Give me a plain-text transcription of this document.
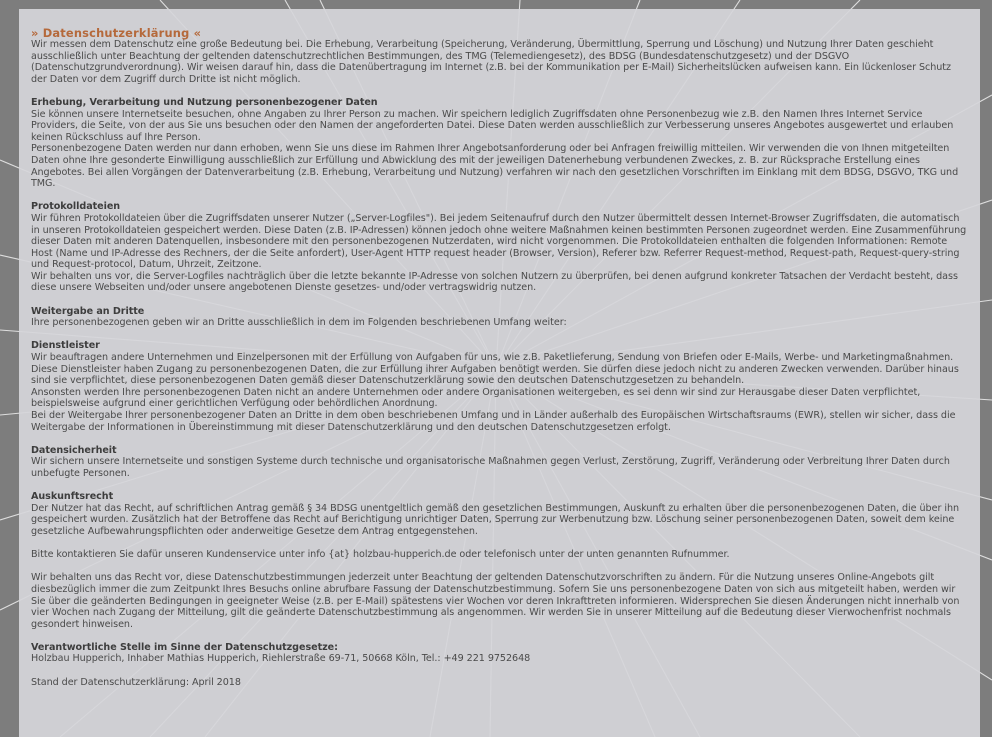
» Datenschutzerklärung «
Wir messen dem Datenschutz eine große Bedeutung bei. Die Erhebung, Verarbeitung (Speicherung, Veränderung, Übermittlung, Sperrung und Löschung) und Nutzung Ihrer Daten geschieht ausschließlich unter Beachtung der geltenden datenschutzrechtlichen Bestimmungen, des TMG (Telemediengesetz), des BDSG (Bundesdatenschutzgesetz) und der DSGVO (Datenschutzgrundverordnung). Wir weisen darauf hin, dass die Datenübertragung im Internet (z.B. bei der Kommunikation per E-Mail) Sicherheitslücken aufweisen kann. Ein lückenloser Schutz der Daten vor dem Zugriff durch Dritte ist nicht möglich.
Erhebung, Verarbeitung und Nutzung personenbezogener Daten
Sie können unsere Internetseite besuchen, ohne Angaben zu Ihrer Person zu machen. Wir speichern lediglich Zugriffsdaten ohne Personenbezug wie z.B. den Namen Ihres Internet Service Providers, die Seite, von der aus Sie uns besuchen oder den Namen der angeforderten Datei. Diese Daten werden ausschließlich zur Verbesserung unseres Angebotes ausgewertet und erlauben keinen Rückschluss auf Ihre Person.
Personenbezogene Daten werden nur dann erhoben, wenn Sie uns diese im Rahmen Ihrer Angebotsanforderung oder bei Anfragen freiwillig mitteilen. Wir verwenden die von Ihnen mitgeteilten Daten ohne Ihre gesonderte Einwilligung ausschließlich zur Erfüllung und Abwicklung des mit der jeweiligen Datenerhebung verbundenen Zweckes, z. B. zur Rücksprache Erstellung eines Angebotes. Bei allen Vorgängen der Datenverarbeitung (z.B. Erhebung, Verarbeitung und Nutzung) verfahren wir nach den gesetzlichen Vorschriften im Einklang mit dem BDSG, DSGVO, TKG und TMG.
Protokolldateien
Wir führen Protokolldateien über die Zugriffsdaten unserer Nutzer („Server-Logfiles"). Bei jedem Seitenaufruf durch den Nutzer übermittelt dessen Internet-Browser Zugriffsdaten, die automatisch in unseren Protokolldateien gespeichert werden. Diese Daten (z.B. IP-Adressen) können jedoch ohne weitere Maßnahmen keinen bestimmten Personen zugeordnet werden. Eine Zusammenführung dieser Daten mit anderen Datenquellen, insbesondere mit den personenbezogenen Nutzerdaten, wird nicht vorgenommen. Die Protokolldateien enthalten die folgenden Informationen: Remote Host (Name und IP-Adresse des Rechners, der die Seite anfordert), User-Agent HTTP request header (Browser, Version), Referer bzw. Referrer Request-method, Request-path, Request-query-string und Request-protocol, Datum, Uhrzeit, Zeitzone.
Wir behalten uns vor, die Server-Logfiles nachträglich über die letzte bekannte IP-Adresse von solchen Nutzern zu überprüfen, bei denen aufgrund konkreter Tatsachen der Verdacht besteht, dass diese unsere Webseiten und/oder unsere angebotenen Dienste gesetzes- und/oder vertragswidrig nutzen.
Weitergabe an Dritte
Ihre personenbezogenen geben wir an Dritte ausschließlich in dem im Folgenden beschriebenen Umfang weiter:
Dienstleister
Wir beauftragen andere Unternehmen und Einzelpersonen mit der Erfüllung von Aufgaben für uns, wie z.B. Paketlieferung, Sendung von Briefen oder E-Mails, Werbe- und Marketingmaßnahmen. Diese Dienstleister haben Zugang zu personenbezogenen Daten, die zur Erfüllung ihrer Aufgaben benötigt werden. Sie dürfen diese jedoch nicht zu anderen Zwecken verwenden. Darüber hinaus sind sie verpflichtet, diese personenbezogenen Daten gemäß dieser Datenschutzerklärung sowie den deutschen Datenschutzgesetzen zu behandeln.
Ansonsten werden Ihre personenbezogenen Daten nicht an andere Unternehmen oder andere Organisationen weitergeben, es sei denn wir sind zur Herausgabe dieser Daten verpflichtet, beispielsweise aufgrund einer gerichtlichen Verfügung oder behördlichen Anordnung.
Bei der Weitergabe Ihrer personenbezogener Daten an Dritte in dem oben beschriebenen Umfang und in Länder außerhalb des Europäischen Wirtschaftsraums (EWR), stellen wir sicher, dass die Weitergabe der Informationen in Übereinstimmung mit dieser Datenschutzerklärung und den deutschen Datenschutzgesetzen erfolgt.
Datensicherheit
Wir sichern unsere Internetseite und sonstigen Systeme durch technische und organisatorische Maßnahmen gegen Verlust, Zerstörung, Zugriff, Veränderung oder Verbreitung Ihrer Daten durch unbefugte Personen.
Auskunftsrecht
Der Nutzer hat das Recht, auf schriftlichen Antrag gemäß § 34 BDSG unentgeltlich gemäß den gesetzlichen Bestimmungen, Auskunft zu erhalten über die personenbezogenen Daten, die über ihn gespeichert wurden. Zusätzlich hat der Betroffene das Recht auf Berichtigung unrichtiger Daten, Sperrung zur Werbenutzung bzw. Löschung seiner personenbezogenen Daten, soweit dem keine gesetzliche Aufbewahrungspflichten oder anderweitige Gesetze dem Antrag entgegenstehen.
Bitte kontaktieren Sie dafür unseren Kundenservice unter info {at} holzbau-hupperich.de oder telefonisch unter der unten genannten Rufnummer.
Wir behalten uns das Recht vor, diese Datenschutzbestimmungen jederzeit unter Beachtung der geltenden Datenschutzvorschriften zu ändern. Für die Nutzung unseres Online-Angebots gilt diesbezüglich immer die zum Zeitpunkt Ihres Besuchs online abrufbare Fassung der Datenschutzbestimmung. Sofern Sie uns personenbezogene Daten von sich aus mitgeteilt haben, werden wir Sie über die geänderten Bedingungen in geeigneter Weise (z.B. per E-Mail) spätestens vier Wochen vor deren Inkrafttreten informieren. Widersprechen Sie diesen Änderungen nicht innerhalb von vier Wochen nach Zugang der Mitteilung, gilt die geänderte Datenschutzbestimmung als angenommen. Wir werden Sie in unserer Mitteilung auf die Bedeutung dieser Vierwochenfrist nochmals gesondert hinweisen.
Verantwortliche Stelle im Sinne der Datenschutzgesetze:
Holzbau Hupperich, Inhaber Mathias Hupperich, Riehlerstraße 69-71, 50668 Köln, Tel.: +49 221 9752648
Stand der Datenschutzerklärung: April 2018
